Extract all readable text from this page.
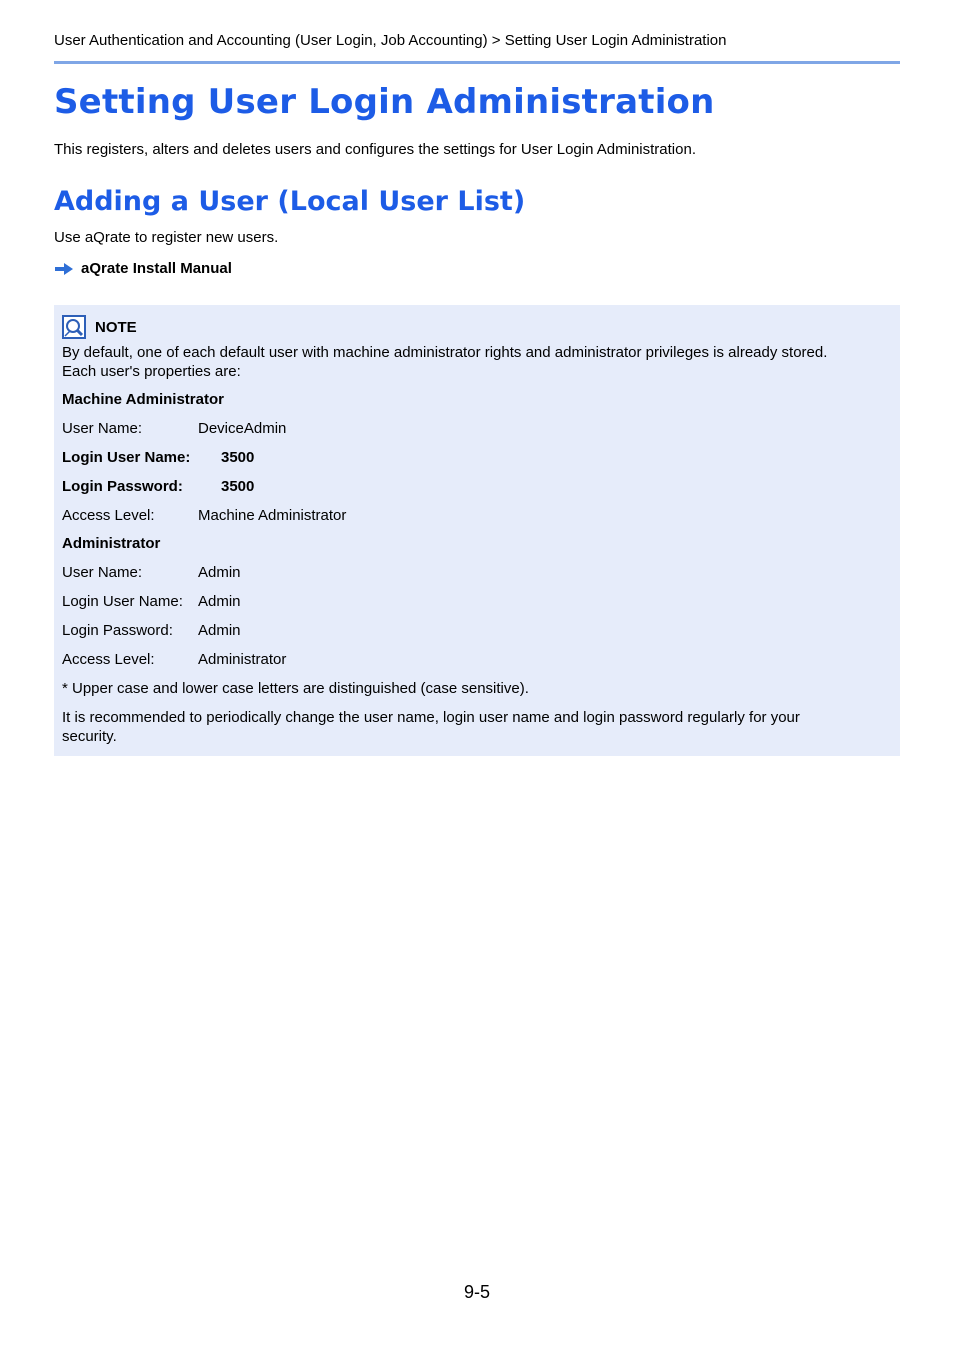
User Authentication and Accounting (User Login, Job Accounting) > Setting User Login Administration
Setting User Login Administration
This registers, alters and deletes users and configures the settings for User Login Administration.
Adding a User (Local User List)
Use aQrate to register new users.
aQrate Install Manual
NOTE
By default, one of each default user with machine administrator rights and administrator privileges is already stored.
Each user's properties are:
Machine Administrator
User Name:	DeviceAdmin
Login User Name: 3500
Login Password:	3500
Access Level:	Machine Administrator
Administrator
User Name:	Admin
Login User Name: Admin
Login Password: Admin
Access Level:	Administrator
* Upper case and lower case letters are distinguished (case sensitive).
It is recommended to periodically change the user name, login user name and login password regularly for your
security.
9-5
